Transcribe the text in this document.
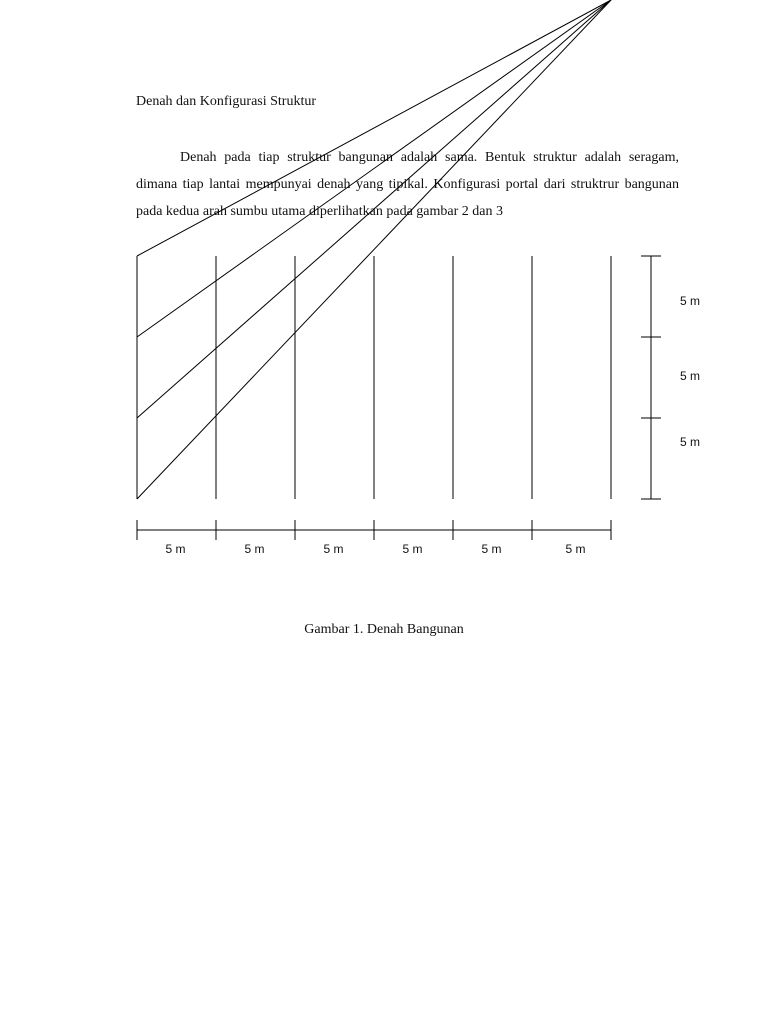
Denah dan Konfigurasi Struktur

Denah pada tiap struktur bangunan adalah sama. Bentuk struktur adalah seragam, dimana tiap lantai mempunyai denah yang tipikal. Konfigurasi portal dari struktrur bangunan pada kedua arah sumbu utama diperlihatkan pada gambar 2 dan 3

5 m	5 m	5 m	5 m	5 m	5 m
5 m
5 m
5 m
Gambar 1. Denah Bangunan
